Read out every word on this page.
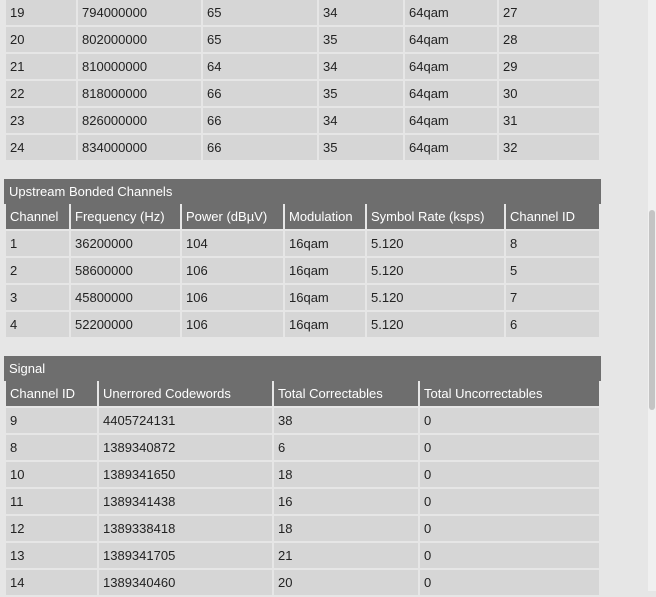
19	794000000	65	34	64qam	27
20	802000000	65	35	64qam	28
21	810000000	64	34	64qam	29
22	818000000	66	35	64qam	30
23	826000000	66	34	64qam	31
24	834000000	66	35	64qam	32
Upstream Bonded Channels
Channel	Frequency (Hz)	Power (dBµV)	Modulation	Symbol Rate (ksps)	Channel ID
1	36200000	104	16qam	5.120	8
2	58600000	106	16qam	5.120	5
3	45800000	106	16qam	5.120	7
4	52200000	106	16qam	5.120	6
Signal
Channel ID	Unerrored Codewords	Total Correctables	Total Uncorrectables
9	4405724131	38	0
8	1389340872	6	0
10	1389341650	18	0
11	1389341438	16	0
12	1389338418	18	0
13	1389341705	21	0
14	1389340460	20	0
